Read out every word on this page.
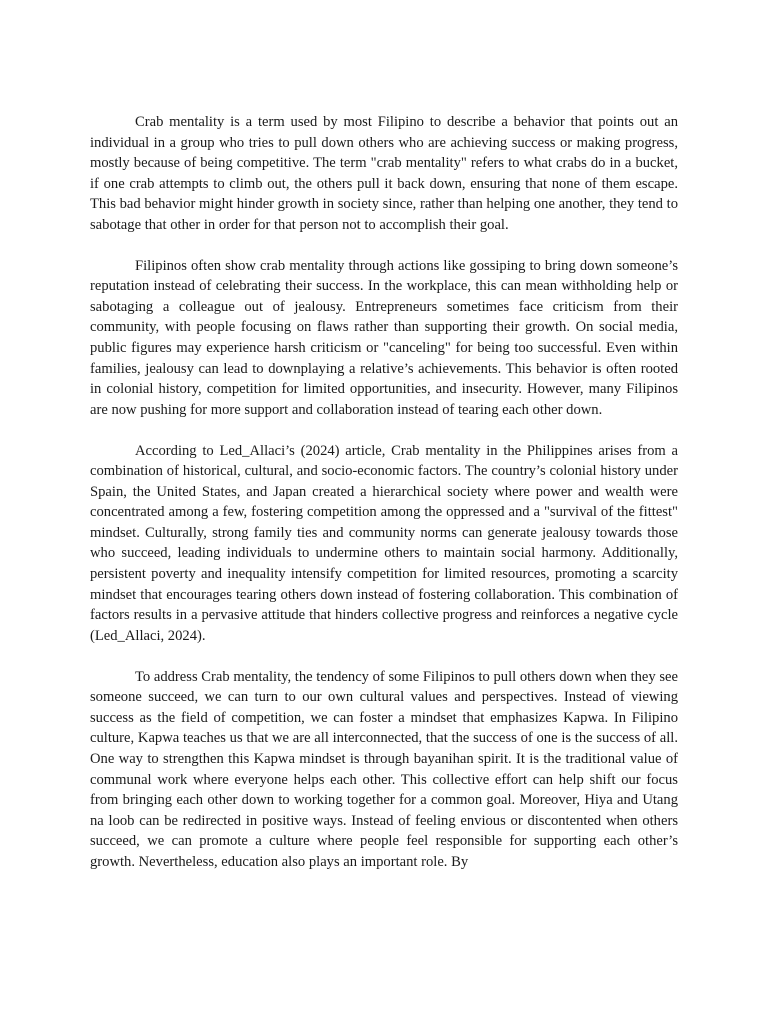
Crab mentality is a term used by most Filipino to describe a behavior that points out an individual in a group who tries to pull down others who are achieving success or making progress, mostly because of being competitive. The term "crab mentality" refers to what crabs do in a bucket, if one crab attempts to climb out, the others pull it back down, ensuring that none of them escape. This bad behavior might hinder growth in society since, rather than helping one another, they tend to sabotage that other in order for that person not to accomplish their goal.

Filipinos often show crab mentality through actions like gossiping to bring down someone’s reputation instead of celebrating their success. In the workplace, this can mean withholding help or sabotaging a colleague out of jealousy. Entrepreneurs sometimes face criticism from their community, with people focusing on flaws rather than supporting their growth. On social media, public figures may experience harsh criticism or "canceling" for being too successful. Even within families, jealousy can lead to downplaying a relative’s achievements. This behavior is often rooted in colonial history, competition for limited opportunities, and insecurity. However, many Filipinos are now pushing for more support and collaboration instead of tearing each other down.

According to Led_Allaci’s (2024) article, Crab mentality in the Philippines arises from a combination of historical, cultural, and socio-economic factors. The country’s colonial history under Spain, the United States, and Japan created a hierarchical society where power and wealth were concentrated among a few, fostering competition among the oppressed and a "survival of the fittest" mindset. Culturally, strong family ties and community norms can generate jealousy towards those who succeed, leading individuals to undermine others to maintain social harmony. Additionally, persistent poverty and inequality intensify competition for limited resources, promoting a scarcity mindset that encourages tearing others down instead of fostering collaboration. This combination of factors results in a pervasive attitude that hinders collective progress and reinforces a negative cycle (Led_Allaci, 2024).

To address Crab mentality, the tendency of some Filipinos to pull others down when they see someone succeed, we can turn to our own cultural values and perspectives. Instead of viewing success as the field of competition, we can foster a mindset that emphasizes Kapwa. In Filipino culture, Kapwa teaches us that we are all interconnected, that the success of one is the success of all. One way to strengthen this Kapwa mindset is through bayanihan spirit. It is the traditional value of communal work where everyone helps each other. This collective effort can help shift our focus from bringing each other down to working together for a common goal. Moreover, Hiya and Utang na loob can be redirected in positive ways. Instead of feeling envious or discontented when others succeed, we can promote a culture where people feel responsible for supporting each other’s growth. Nevertheless, education also plays an important role. By
